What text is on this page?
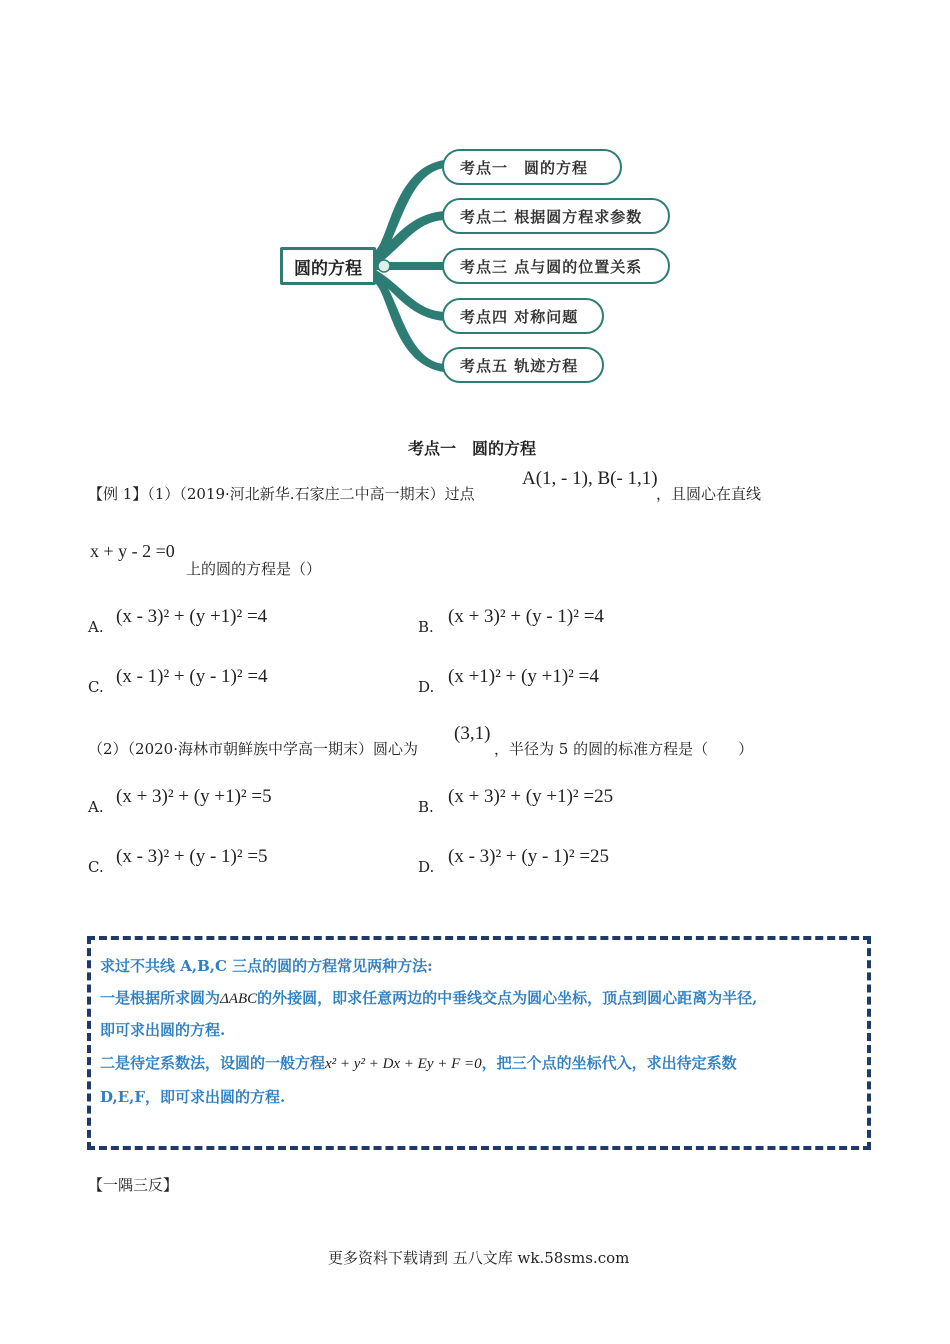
圆的方程
考点一　圆的方程
考点二 根据圆方程求参数
考点三 点与圆的位置关系
考点四 对称问题
考点五 轨迹方程
考点一　圆的方程
【例 1】（1）（2019·河北新华.石家庄二中高一期末）过点
A(1, - 1), B(- 1,1)
，且圆心在直线
x + y - 2 =0
上的圆的方程是（）
A. (x - 3)² + (y +1)² =4	B. (x + 3)² + (y - 1)² =4
C. (x - 1)² + (y - 1)² =4	D. (x +1)² + (y +1)² =4
（2）（2020·海林市朝鲜族中学高一期末）圆心为
(3,1)
，半径为 5 的圆的标准方程是（　　）
A. (x + 3)² + (y +1)² =5	B. (x + 3)² + (y +1)² =25
C. (x - 3)² + (y - 1)² =5	D. (x - 3)² + (y - 1)² =25
求过不共线 A,B,C 三点的圆的方程常见两种方法:
一是根据所求圆为ΔABC的外接圆，即求任意两边的中垂线交点为圆心坐标，顶点到圆心距离为半径,
即可求出圆的方程.
二是待定系数法，设圆的一般方程x² + y² + Dx + Ey + F =0，把三个点的坐标代入，求出待定系数
D,E,F，即可求出圆的方程.
【一隅三反】
更多资料下载请到 五八文库 wk.58sms.com
